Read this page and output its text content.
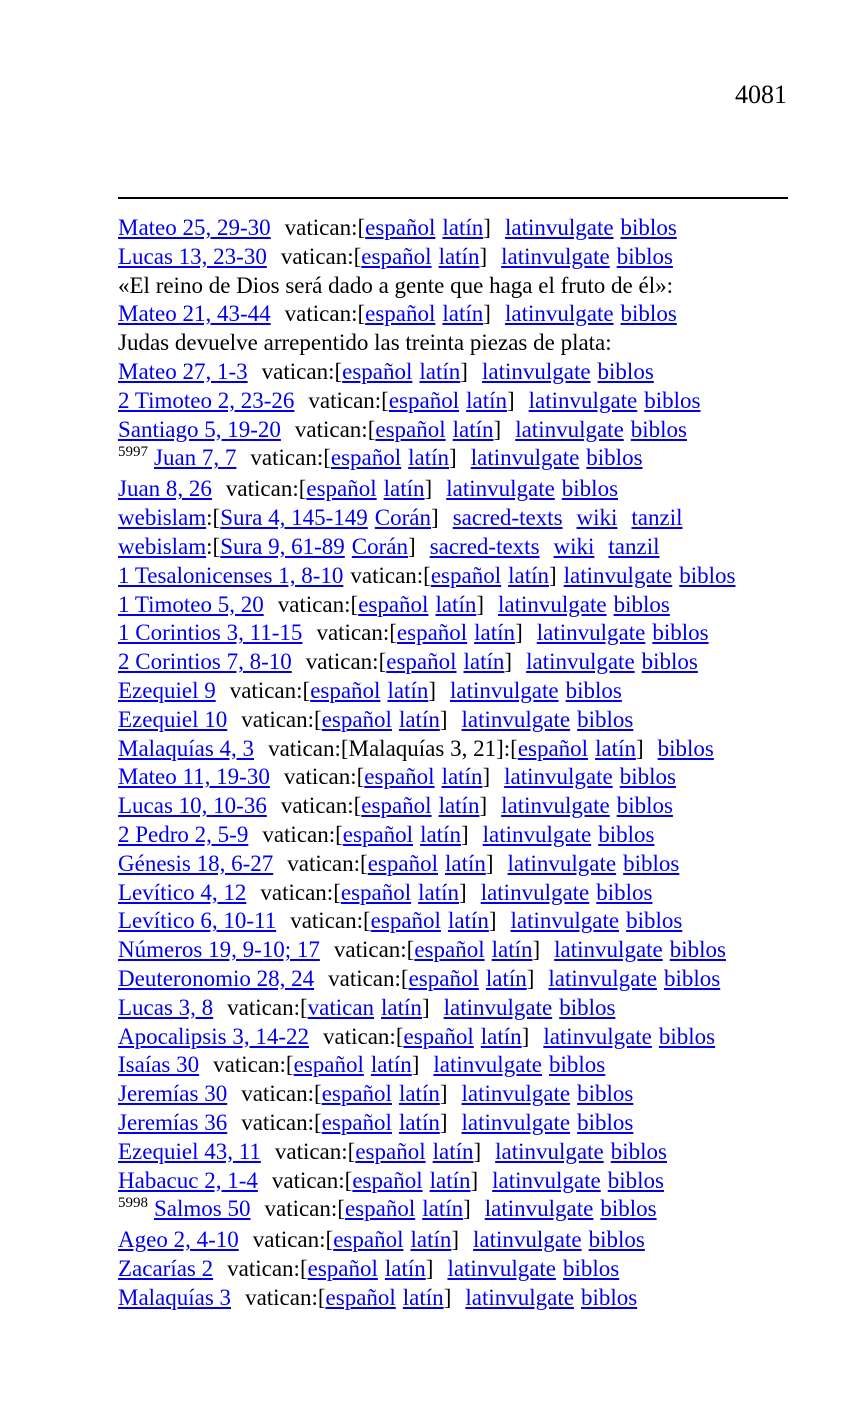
4081
Mateo 25, 29-30 vatican:[español latín] latinvulgate biblos
Lucas 13, 23-30 vatican:[español latín] latinvulgate biblos
«El reino de Dios será dado a gente que haga el fruto de él»:
Mateo 21, 43-44 vatican:[español latín] latinvulgate biblos
Judas devuelve arrepentido las treinta piezas de plata:
Mateo 27, 1-3 vatican:[español latín] latinvulgate biblos
2 Timoteo 2, 23-26 vatican:[español latín] latinvulgate biblos
Santiago 5, 19-20 vatican:[español latín] latinvulgate biblos
$^{5997}$ Juan 7, 7 vatican:[español latín] latinvulgate biblos
Juan 8, 26 vatican:[español latín] latinvulgate biblos
webislam:[Sura 4, 145-149 Corán] sacred-texts wiki tanzil
webislam:[Sura 9, 61-89 Corán] sacred-texts wiki tanzil
1 Tesalonicenses 1, 8-10 vatican:[español latín] latinvulgate biblos
1 Timoteo 5, 20 vatican:[español latín] latinvulgate biblos
1 Corintios 3, 11-15 vatican:[español latín] latinvulgate biblos
2 Corintios 7, 8-10 vatican:[español latín] latinvulgate biblos
Ezequiel 9 vatican:[español latín] latinvulgate biblos
Ezequiel 10 vatican:[español latín] latinvulgate biblos
Malaquías 4, 3 vatican:[Malaquías 3, 21]:[español latín] biblos
Mateo 11, 19-30 vatican:[español latín] latinvulgate biblos
Lucas 10, 10-36 vatican:[español latín] latinvulgate biblos
2 Pedro 2, 5-9 vatican:[español latín] latinvulgate biblos
Génesis 18, 6-27 vatican:[español latín] latinvulgate biblos
Levítico 4, 12 vatican:[español latín] latinvulgate biblos
Levítico 6, 10-11 vatican:[español latín] latinvulgate biblos
Números 19, 9-10; 17 vatican:[español latín] latinvulgate biblos
Deuteronomio 28, 24 vatican:[español latín] latinvulgate biblos
Lucas 3, 8 vatican:[vatican latín] latinvulgate biblos
Apocalipsis 3, 14-22 vatican:[español latín] latinvulgate biblos
Isaías 30 vatican:[español latín] latinvulgate biblos
Jeremías 30 vatican:[español latín] latinvulgate biblos
Jeremías 36 vatican:[español latín] latinvulgate biblos
Ezequiel 43, 11 vatican:[español latín] latinvulgate biblos
Habacuc 2, 1-4 vatican:[español latín] latinvulgate biblos
$^{5998}$ Salmos 50 vatican:[español latín] latinvulgate biblos
Ageo 2, 4-10 vatican:[español latín] latinvulgate biblos
Zacarías 2 vatican:[español latín] latinvulgate biblos
Malaquías 3 vatican:[español latín] latinvulgate biblos
